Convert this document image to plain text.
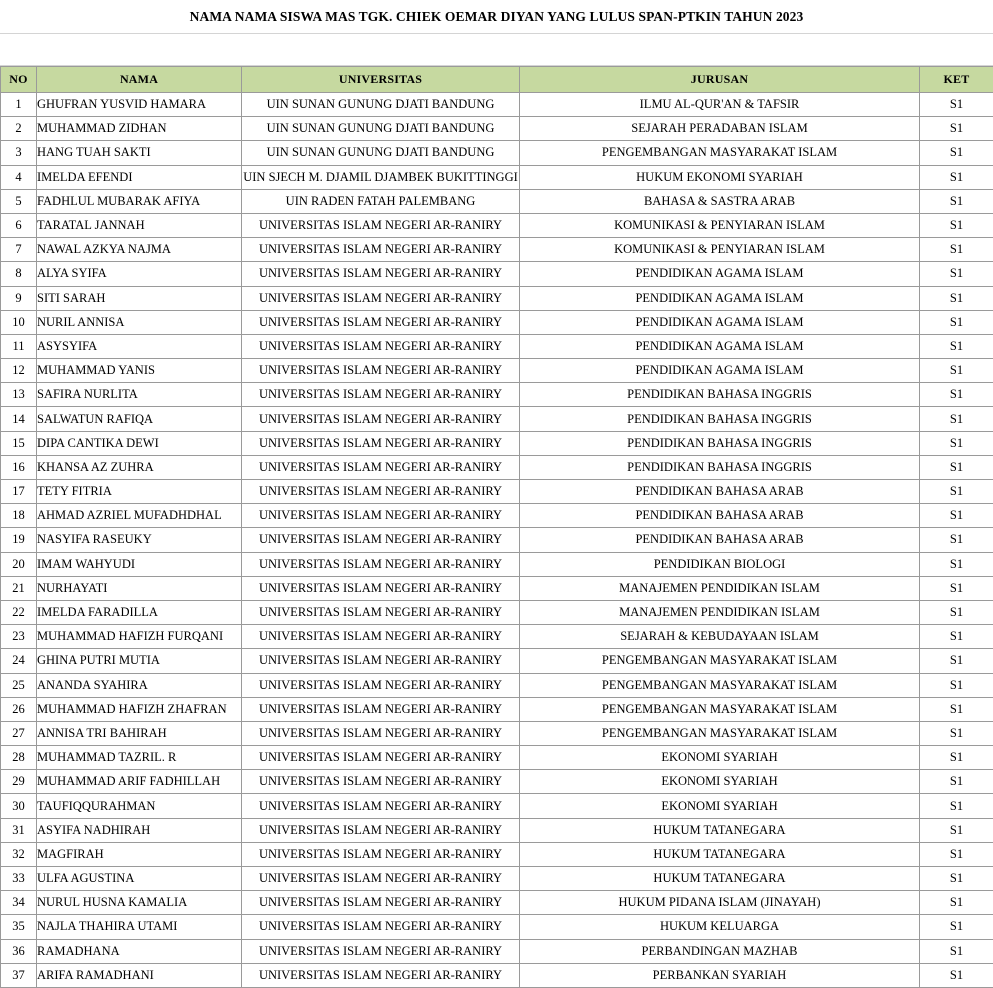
NAMA NAMA SISWA MAS TGK. CHIEK OEMAR DIYAN YANG LULUS SPAN-PTKIN TAHUN 2023
NO	NAMA	UNIVERSITAS	JURUSAN	KET
1	GHUFRAN YUSVID HAMARA	UIN SUNAN GUNUNG DJATI BANDUNG	ILMU AL-QUR'AN & TAFSIR	S1
2	MUHAMMAD ZIDHAN	UIN SUNAN GUNUNG DJATI BANDUNG	SEJARAH PERADABAN ISLAM	S1
3	HANG TUAH SAKTI	UIN SUNAN GUNUNG DJATI BANDUNG	PENGEMBANGAN MASYARAKAT ISLAM	S1
4	IMELDA EFENDI	UIN SJECH M. DJAMIL DJAMBEK BUKITTINGGI	HUKUM EKONOMI SYARIAH	S1
5	FADHLUL MUBARAK AFIYA	UIN RADEN FATAH PALEMBANG	BAHASA & SASTRA ARAB	S1
6	TARATAL JANNAH	UNIVERSITAS ISLAM NEGERI AR-RANIRY	KOMUNIKASI & PENYIARAN ISLAM	S1
7	NAWAL AZKYA NAJMA	UNIVERSITAS ISLAM NEGERI AR-RANIRY	KOMUNIKASI & PENYIARAN ISLAM	S1
8	ALYA SYIFA	UNIVERSITAS ISLAM NEGERI AR-RANIRY	PENDIDIKAN AGAMA ISLAM	S1
9	SITI SARAH	UNIVERSITAS ISLAM NEGERI AR-RANIRY	PENDIDIKAN AGAMA ISLAM	S1
10	NURIL ANNISA	UNIVERSITAS ISLAM NEGERI AR-RANIRY	PENDIDIKAN AGAMA ISLAM	S1
11	ASYSYIFA	UNIVERSITAS ISLAM NEGERI AR-RANIRY	PENDIDIKAN AGAMA ISLAM	S1
12	MUHAMMAD YANIS	UNIVERSITAS ISLAM NEGERI AR-RANIRY	PENDIDIKAN AGAMA ISLAM	S1
13	SAFIRA NURLITA	UNIVERSITAS ISLAM NEGERI AR-RANIRY	PENDIDIKAN BAHASA INGGRIS	S1
14	SALWATUN RAFIQA	UNIVERSITAS ISLAM NEGERI AR-RANIRY	PENDIDIKAN BAHASA INGGRIS	S1
15	DIPA CANTIKA DEWI	UNIVERSITAS ISLAM NEGERI AR-RANIRY	PENDIDIKAN BAHASA INGGRIS	S1
16	KHANSA AZ ZUHRA	UNIVERSITAS ISLAM NEGERI AR-RANIRY	PENDIDIKAN BAHASA INGGRIS	S1
17	TETY FITRIA	UNIVERSITAS ISLAM NEGERI AR-RANIRY	PENDIDIKAN BAHASA ARAB	S1
18	AHMAD AZRIEL MUFADHDHAL	UNIVERSITAS ISLAM NEGERI AR-RANIRY	PENDIDIKAN BAHASA ARAB	S1
19	NASYIFA RASEUKY	UNIVERSITAS ISLAM NEGERI AR-RANIRY	PENDIDIKAN BAHASA ARAB	S1
20	IMAM WAHYUDI	UNIVERSITAS ISLAM NEGERI AR-RANIRY	PENDIDIKAN BIOLOGI	S1
21	NURHAYATI	UNIVERSITAS ISLAM NEGERI AR-RANIRY	MANAJEMEN PENDIDIKAN ISLAM	S1
22	IMELDA FARADILLA	UNIVERSITAS ISLAM NEGERI AR-RANIRY	MANAJEMEN PENDIDIKAN ISLAM	S1
23	MUHAMMAD HAFIZH FURQANI	UNIVERSITAS ISLAM NEGERI AR-RANIRY	SEJARAH & KEBUDAYAAN ISLAM	S1
24	GHINA PUTRI MUTIA	UNIVERSITAS ISLAM NEGERI AR-RANIRY	PENGEMBANGAN MASYARAKAT ISLAM	S1
25	ANANDA SYAHIRA	UNIVERSITAS ISLAM NEGERI AR-RANIRY	PENGEMBANGAN MASYARAKAT ISLAM	S1
26	MUHAMMAD HAFIZH ZHAFRAN	UNIVERSITAS ISLAM NEGERI AR-RANIRY	PENGEMBANGAN MASYARAKAT ISLAM	S1
27	ANNISA TRI BAHIRAH	UNIVERSITAS ISLAM NEGERI AR-RANIRY	PENGEMBANGAN MASYARAKAT ISLAM	S1
28	MUHAMMAD TAZRIL. R	UNIVERSITAS ISLAM NEGERI AR-RANIRY	EKONOMI SYARIAH	S1
29	MUHAMMAD ARIF FADHILLAH	UNIVERSITAS ISLAM NEGERI AR-RANIRY	EKONOMI SYARIAH	S1
30	TAUFIQQURAHMAN	UNIVERSITAS ISLAM NEGERI AR-RANIRY	EKONOMI SYARIAH	S1
31	ASYIFA NADHIRAH	UNIVERSITAS ISLAM NEGERI AR-RANIRY	HUKUM TATANEGARA	S1
32	MAGFIRAH	UNIVERSITAS ISLAM NEGERI AR-RANIRY	HUKUM TATANEGARA	S1
33	ULFA AGUSTINA	UNIVERSITAS ISLAM NEGERI AR-RANIRY	HUKUM TATANEGARA	S1
34	NURUL HUSNA KAMALIA	UNIVERSITAS ISLAM NEGERI AR-RANIRY	HUKUM PIDANA ISLAM (JINAYAH)	S1
35	NAJLA THAHIRA UTAMI	UNIVERSITAS ISLAM NEGERI AR-RANIRY	HUKUM KELUARGA	S1
36	RAMADHANA	UNIVERSITAS ISLAM NEGERI AR-RANIRY	PERBANDINGAN MAZHAB	S1
37	ARIFA RAMADHANI	UNIVERSITAS ISLAM NEGERI AR-RANIRY	PERBANKAN SYARIAH	S1
